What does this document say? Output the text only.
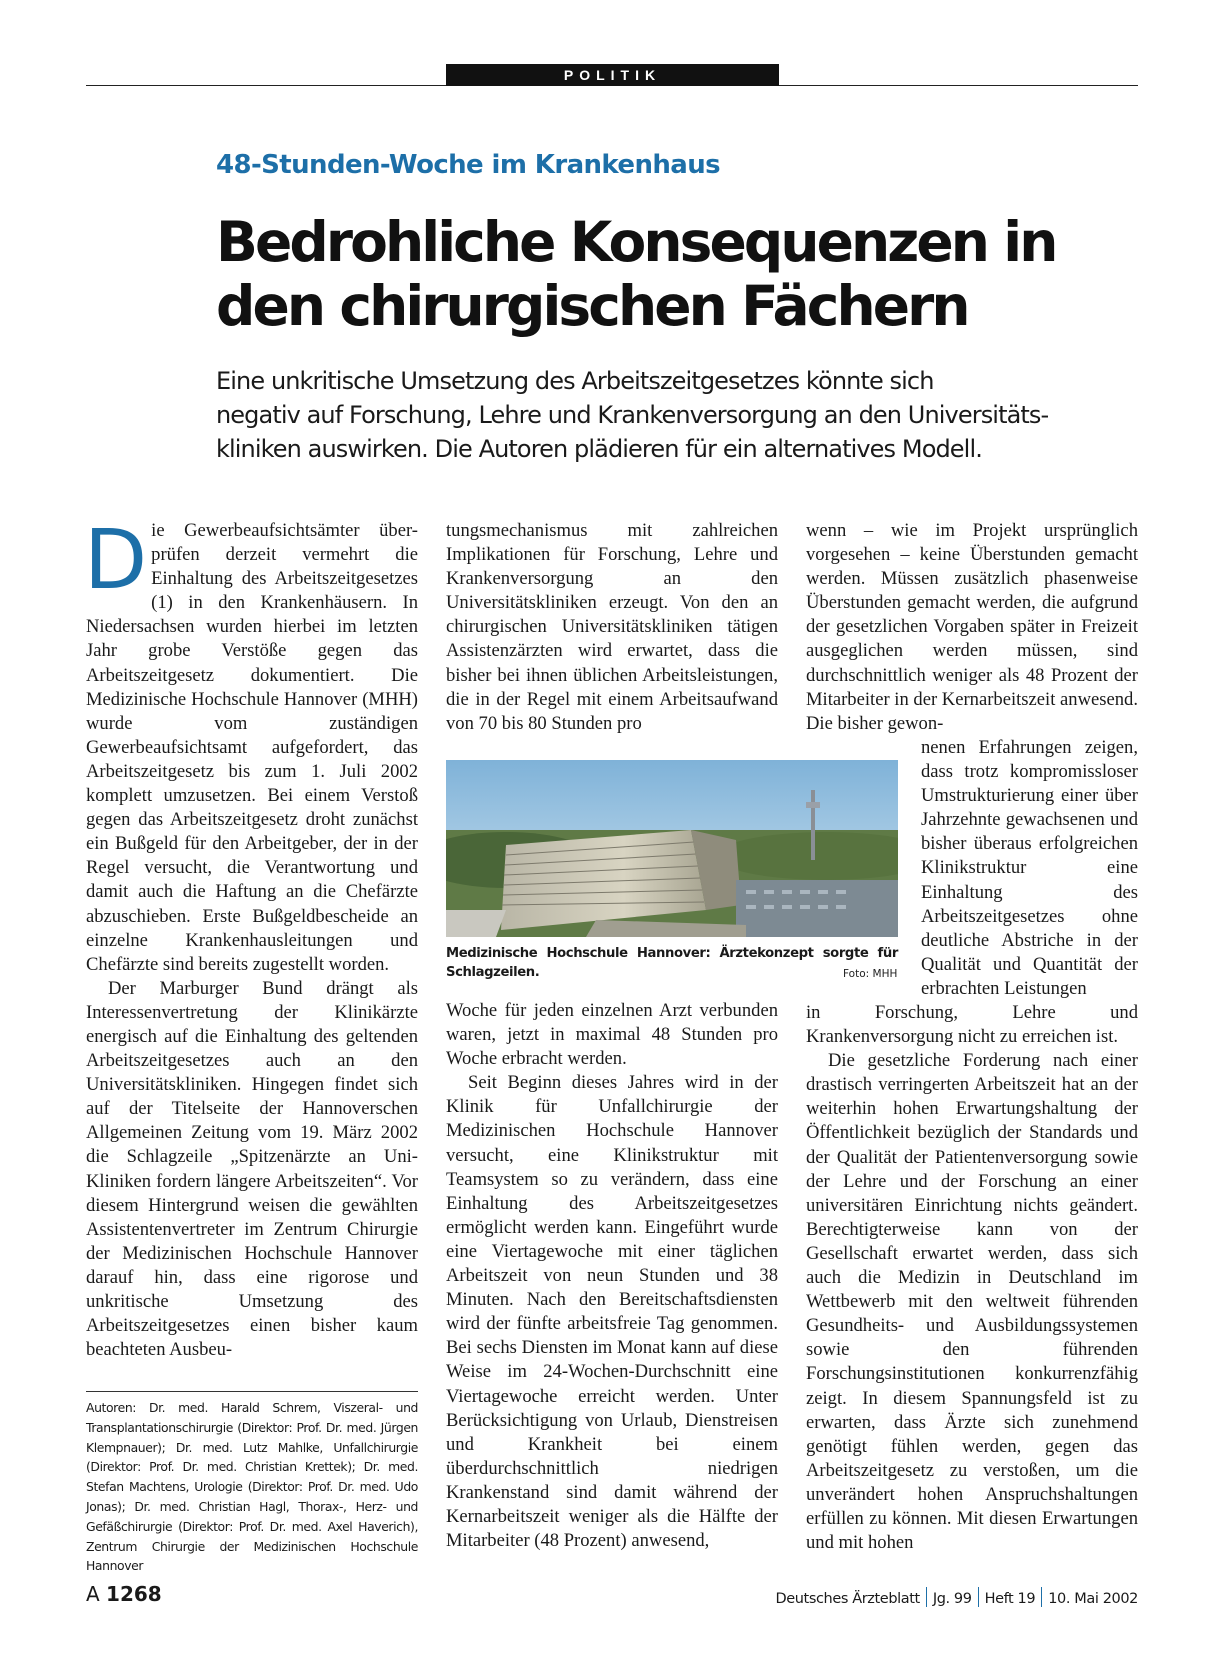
POLITIK
48-Stunden-Woche im Krankenhaus
Bedrohliche Konsequenzen in
den chirurgischen Fächern

Eine unkritische Umsetzung des Arbeitszeitgesetzes könnte sich
negativ auf Forschung, Lehre und Krankenversorgung an den Universitäts-
kliniken auswirken. Die Autoren plädieren für ein alternatives Modell.

Die Gewerbeaufsichtsämter über-prüfen derzeit vermehrt die Einhaltung des Arbeitszeitgesetzes (1) in den Krankenhäusern. In Niedersachsen wurden hierbei im letzten Jahr grobe Verstöße gegen das Arbeitszeitgesetz dokumentiert. Die Medizinische Hochschule Hannover (MHH) wurde vom zuständigen Gewerbeaufsichtsamt aufgefordert, das Arbeitszeitgesetz bis zum 1. Juli 2002 komplett umzusetzen. Bei einem Verstoß gegen das Arbeitszeitgesetz droht zunächst ein Bußgeld für den Arbeitgeber, der in der Regel versucht, die Verantwortung und damit auch die Haftung an die Chefärzte abzuschieben. Erste Bußgeldbescheide an einzelne Krankenhausleitungen und Chefärzte sind bereits zugestellt worden.

Der Marburger Bund drängt als Interessenvertretung der Klinikärzte energisch auf die Einhaltung des geltenden Arbeitszeitgesetzes auch an den Universitätskliniken. Hingegen findet sich auf der Titelseite der Hannoverschen Allgemeinen Zeitung vom 19. März 2002 die Schlagzeile „Spitzenärzte an Uni-Kliniken fordern längere Arbeitszeiten“. Vor diesem Hintergrund weisen die gewählten Assistentenvertreter im Zentrum Chirurgie der Medizinischen Hochschule Hannover darauf hin, dass eine rigorose und unkritische Umsetzung des Arbeitszeitgesetzes einen bisher kaum beachteten Ausbeu-

tungsmechanismus mit zahlreichen Implikationen für Forschung, Lehre und Krankenversorgung an den Universitätskliniken erzeugt. Von den an chirurgischen Universitätskliniken tätigen Assistenzärzten wird erwartet, dass die bisher bei ihnen üblichen Arbeitsleistungen, die in der Regel mit einem Arbeitsaufwand von 70 bis 80 Stunden pro

Medizinische Hochschule Hannover: Ärztekonzept sorgte für Schlagzeilen.	Foto: MHH

Woche für jeden einzelnen Arzt verbunden waren, jetzt in maximal 48 Stunden pro Woche erbracht werden.

Seit Beginn dieses Jahres wird in der Klinik für Unfallchirurgie der Medizinischen Hochschule Hannover versucht, eine Klinikstruktur mit Teamsystem so zu verändern, dass eine Einhaltung des Arbeitszeitgesetzes ermöglicht werden kann. Eingeführt wurde eine Viertagewoche mit einer täglichen Arbeitszeit von neun Stunden und 38 Minuten. Nach den Bereitschaftsdiensten wird der fünfte arbeitsfreie Tag genommen. Bei sechs Diensten im Monat kann auf diese Weise im 24-Wochen-Durchschnitt eine Viertagewoche erreicht werden. Unter Berücksichtigung von Urlaub, Dienstreisen und Krankheit bei einem überdurchschnittlich niedrigen Krankenstand sind damit während der Kernarbeitszeit weniger als die Hälfte der Mitarbeiter (48 Prozent) anwesend,

wenn – wie im Projekt ursprünglich vorgesehen – keine Überstunden gemacht werden. Müssen zusätzlich phasenweise Überstunden gemacht werden, die aufgrund der gesetzlichen Vorgaben später in Freizeit ausgeglichen werden müssen, sind durchschnittlich weniger als 48 Prozent der Mitarbeiter in der Kernarbeitszeit anwesend. Die bisher gewon-

nenen Erfahrungen zeigen, dass trotz kompromissloser Umstrukturierung einer über Jahrzehnte gewachsenen und bisher überaus erfolgreichen Klinikstruktur eine Einhaltung des Arbeitszeitgesetzes ohne deutliche Abstriche in der Qualität und Quantität der erbrachten Leistungen

in Forschung, Lehre und Krankenversorgung nicht zu erreichen ist.

Die gesetzliche Forderung nach einer drastisch verringerten Arbeitszeit hat an der weiterhin hohen Erwartungshaltung der Öffentlichkeit bezüglich der Standards und der Qualität der Patientenversorgung sowie der Lehre und der Forschung an einer universitären Einrichtung nichts geändert. Berechtigterweise kann von der Gesellschaft erwartet werden, dass sich auch die Medizin in Deutschland im Wettbewerb mit den weltweit führenden Gesundheits- und Ausbildungssystemen sowie den führenden Forschungsinstitutionen konkurrenzfähig zeigt. In diesem Spannungsfeld ist zu erwarten, dass Ärzte sich zunehmend genötigt fühlen werden, gegen das Arbeitszeitgesetz zu verstoßen, um die unverändert hohen Anspruchshaltungen erfüllen zu können. Mit diesen Erwartungen und mit hohen

Autoren: Dr. med. Harald Schrem, Viszeral- und Transplantationschirurgie (Direktor: Prof. Dr. med. Jürgen Klempnauer); Dr. med. Lutz Mahlke, Unfallchirurgie (Direktor: Prof. Dr. med. Christian Krettek); Dr. med. Stefan Machtens, Urologie (Direktor: Prof. Dr. med. Udo Jonas); Dr. med. Christian Hagl, Thorax-, Herz- und Gefäßchirurgie (Direktor: Prof. Dr. med. Axel Haverich), Zentrum Chirurgie der Medizinischen Hochschule Hannover

A 1268	Deutsches Ärzteblatt Jg. 99 Heft 19 10. Mai 2002
